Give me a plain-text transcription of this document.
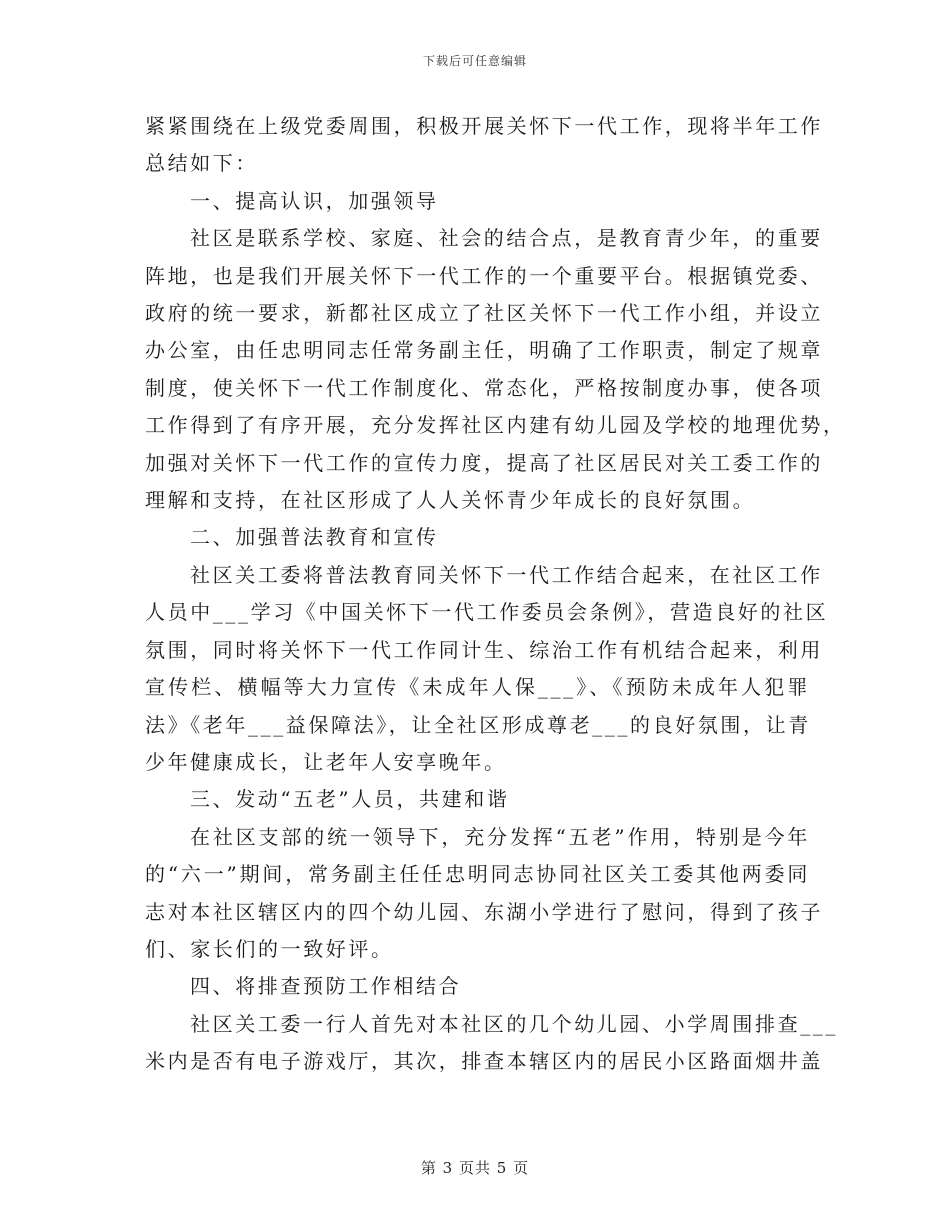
下载后可任意编辑

紧紧围绕在上级党委周围，积极开展关怀下一代工作，现将半年工作

总结如下：

一、提高认识，加强领导

社区是联系学校、家庭、社会的结合点，是教育青少年，的重要

阵地，也是我们开展关怀下一代工作的一个重要平台。根据镇党委、

政府的统一要求，新都社区成立了社区关怀下一代工作小组，并设立

办公室，由任忠明同志任常务副主任，明确了工作职责，制定了规章

制度，使关怀下一代工作制度化、常态化，严格按制度办事，使各项

工作得到了有序开展，充分发挥社区内建有幼儿园及学校的地理优势，

加强对关怀下一代工作的宣传力度，提高了社区居民对关工委工作的

理解和支持，在社区形成了人人关怀青少年成长的良好氛围。

二、加强普法教育和宣传

社区关工委将普法教育同关怀下一代工作结合起来，在社区工作

人员中___学习《中国关怀下一代工作委员会条例》，营造良好的社区

氛围，同时将关怀下一代工作同计生、综治工作有机结合起来，利用

宣传栏、横幅等大力宣传《未成年人保___》、《预防未成年人犯罪

法》《老年___益保障法》，让全社区形成尊老___的良好氛围，让青

少年健康成长，让老年人安享晚年。

三、发动“五老”人员，共建和谐

在社区支部的统一领导下，充分发挥“五老”作用，特别是今年

的“六一”期间，常务副主任任忠明同志协同社区关工委其他两委同

志对本社区辖区内的四个幼儿园、东湖小学进行了慰问，得到了孩子

们、家长们的一致好评。

四、将排查预防工作相结合

社区关工委一行人首先对本社区的几个幼儿园、小学周围排查___

米内是否有电子游戏厅，其次，排查本辖区内的居民小区路面烟井盖

第 3 页共 5 页
